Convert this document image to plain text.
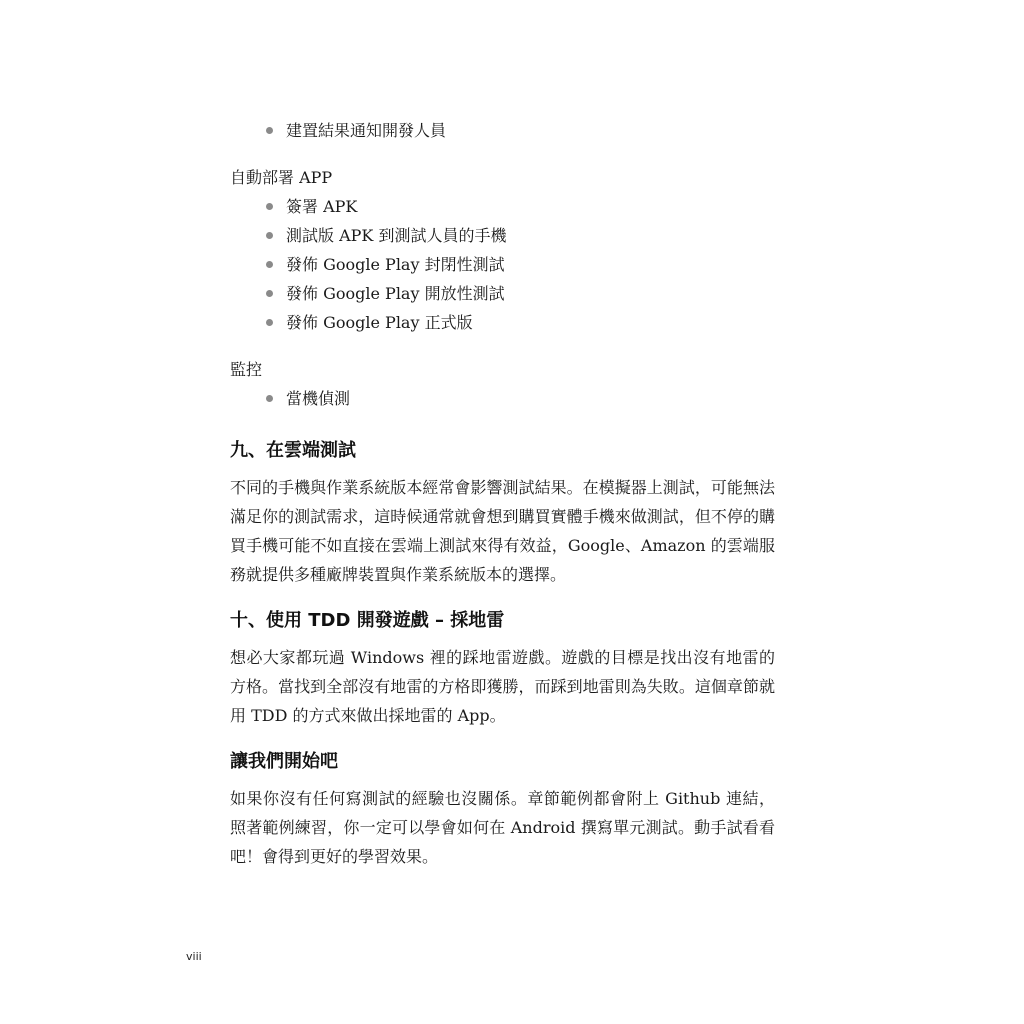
建置結果通知開發人員

自動部署 APP

簽署 APK
測試版 APK 到測試人員的手機
發佈 Google Play 封閉性測試
發佈 Google Play 開放性測試
發佈 Google Play 正式版

監控

當機偵測
九、在雲端測試

不同的手機與作業系統版本經常會影響測試結果。在模擬器上測試，可能無法滿足你的測試需求，這時候通常就會想到購買實體手機來做測試，但不停的購買手機可能不如直接在雲端上測試來得有效益，Google、Amazon 的雲端服務就提供多種廠牌裝置與作業系統版本的選擇。

十、使用 TDD 開發遊戲 – 採地雷

想必大家都玩過 Windows 裡的踩地雷遊戲。遊戲的目標是找出沒有地雷的方格。當找到全部沒有地雷的方格即獲勝，而踩到地雷則為失敗。這個章節就用 TDD 的方式來做出採地雷的 App。

讓我們開始吧

如果你沒有任何寫測試的經驗也沒關係。章節範例都會附上 Github 連結，照著範例練習，你一定可以學會如何在 Android 撰寫單元測試。動手試看看吧！會得到更好的學習效果。

viii
